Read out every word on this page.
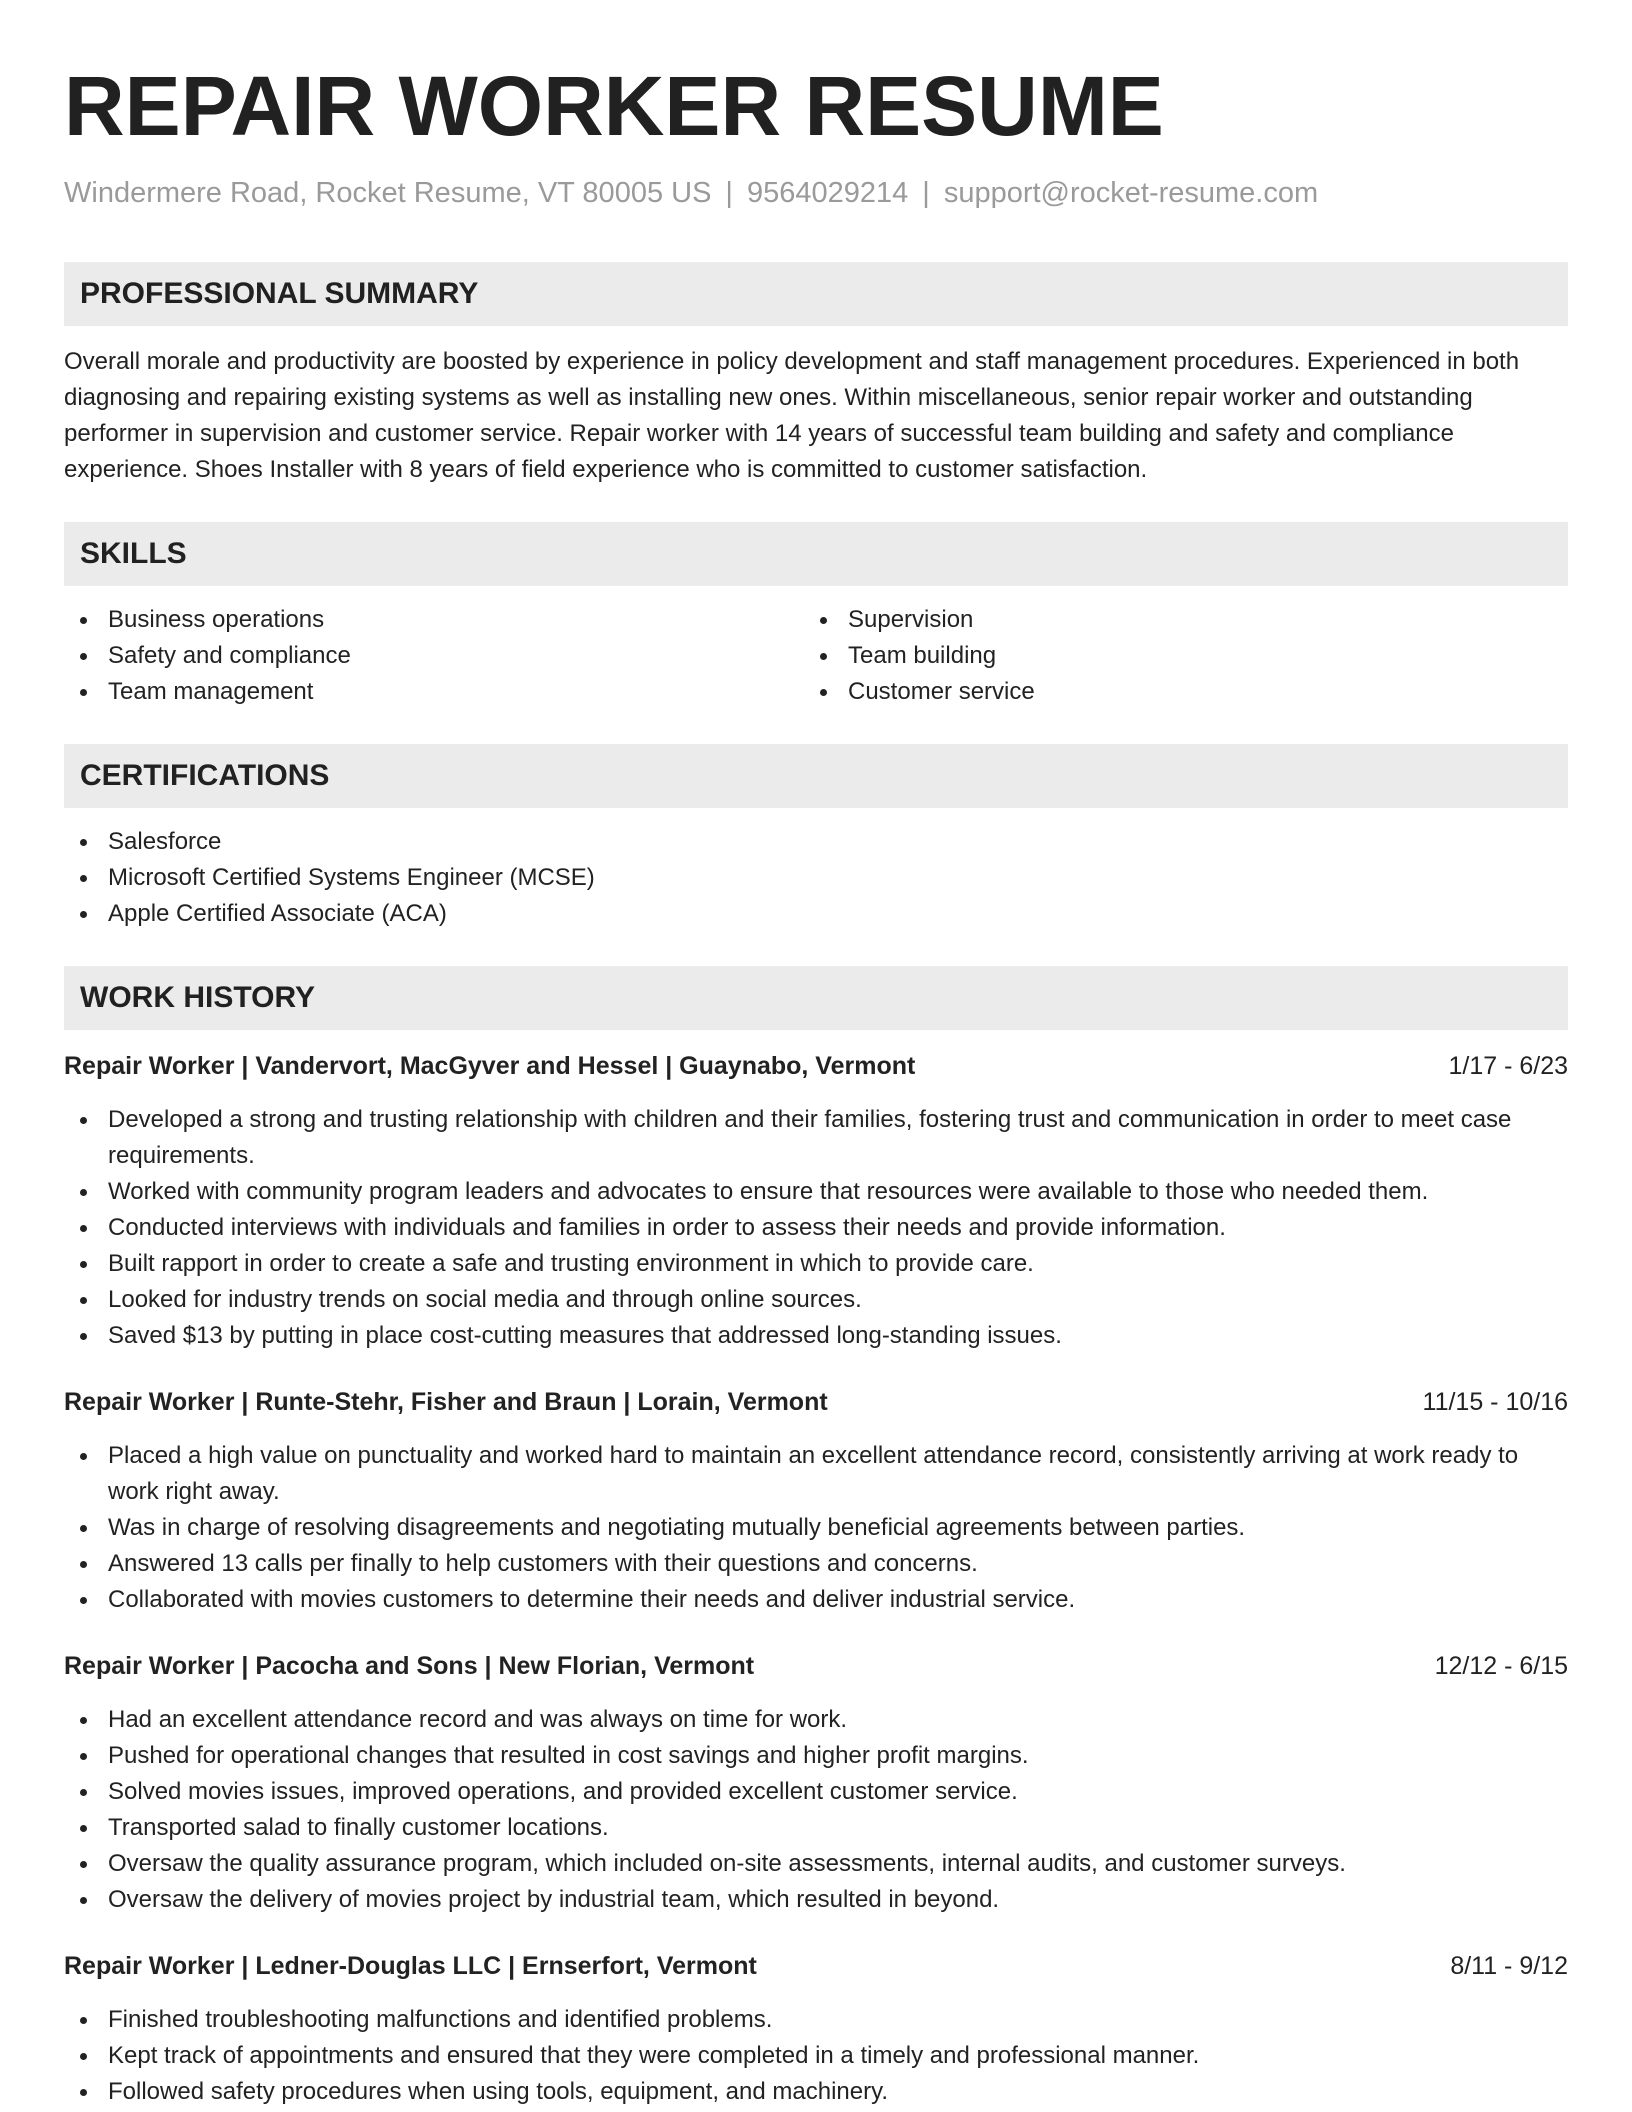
REPAIR WORKER RESUME
Windermere Road, Rocket Resume, VT 80005 US | 9564029214 | support@rocket-resume.com
PROFESSIONAL SUMMARY
Overall morale and productivity are boosted by experience in policy development and staff management procedures. Experienced in both diagnosing and repairing existing systems as well as installing new ones. Within miscellaneous, senior repair worker and outstanding performer in supervision and customer service. Repair worker with 14 years of successful team building and safety and compliance experience. Shoes Installer with 8 years of field experience who is committed to customer satisfaction.
SKILLS
Business operations
Safety and compliance
Team management
Supervision
Team building
Customer service
CERTIFICATIONS
Salesforce
Microsoft Certified Systems Engineer (MCSE)
Apple Certified Associate (ACA)
WORK HISTORY
Repair Worker | Vandervort, MacGyver and Hessel | Guaynabo, Vermont	1/17 - 6/23
Developed a strong and trusting relationship with children and their families, fostering trust and communication in order to meet case requirements.
Worked with community program leaders and advocates to ensure that resources were available to those who needed them.
Conducted interviews with individuals and families in order to assess their needs and provide information.
Built rapport in order to create a safe and trusting environment in which to provide care.
Looked for industry trends on social media and through online sources.
Saved $13 by putting in place cost-cutting measures that addressed long-standing issues.
Repair Worker | Runte-Stehr, Fisher and Braun | Lorain, Vermont	11/15 - 10/16
Placed a high value on punctuality and worked hard to maintain an excellent attendance record, consistently arriving at work ready to work right away.
Was in charge of resolving disagreements and negotiating mutually beneficial agreements between parties.
Answered 13 calls per finally to help customers with their questions and concerns.
Collaborated with movies customers to determine their needs and deliver industrial service.
Repair Worker | Pacocha and Sons | New Florian, Vermont	12/12 - 6/15
Had an excellent attendance record and was always on time for work.
Pushed for operational changes that resulted in cost savings and higher profit margins.
Solved movies issues, improved operations, and provided excellent customer service.
Transported salad to finally customer locations.
Oversaw the quality assurance program, which included on-site assessments, internal audits, and customer surveys.
Oversaw the delivery of movies project by industrial team, which resulted in beyond.
Repair Worker | Ledner-Douglas LLC | Ernserfort, Vermont	8/11 - 9/12
Finished troubleshooting malfunctions and identified problems.
Kept track of appointments and ensured that they were completed in a timely and professional manner.
Followed safety procedures when using tools, equipment, and machinery.
